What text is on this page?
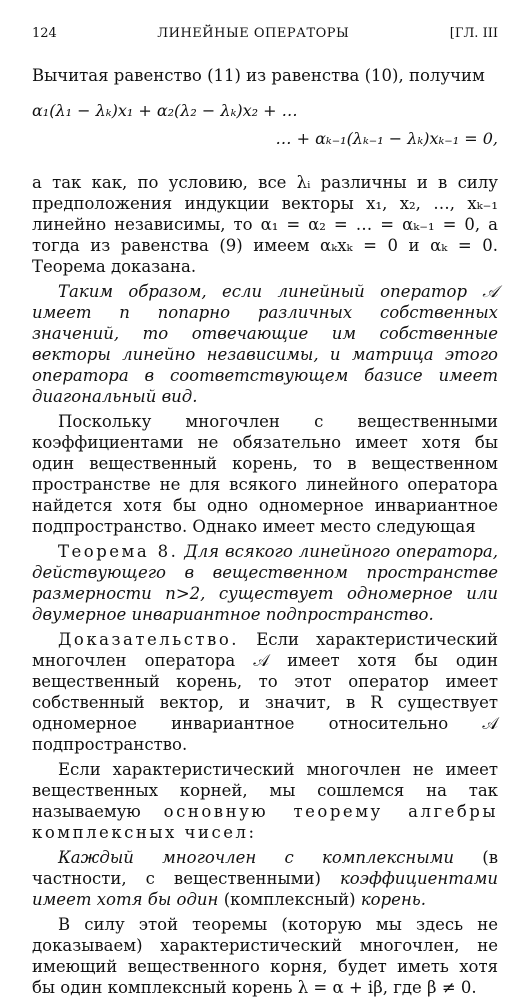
124	ЛИНЕЙНЫЕ ОПЕРАТОРЫ	[ГЛ. III

Вычитая равенство (11) из равенства (10), получим

α₁(λ₁ − λₖ)x₁ + α₂(λ₂ − λₖ)x₂ + …
… + αₖ₋₁(λₖ₋₁ − λₖ)xₖ₋₁ = 0,

а так как, по условию, все λᵢ различны и в силу предположения индукции векторы x₁, x₂, …, xₖ₋₁ линейно независимы, то α₁ = α₂ = … = αₖ₋₁ = 0, а тогда из равенства (9) имеем αₖxₖ = 0 и αₖ = 0. Теорема доказана.

Таким образом, если линейный оператор 𝒜 имеет n попарно различных собственных значений, то отвечающие им собственные векторы линейно независимы, и матрица этого оператора в соответствующем базисе имеет диагональный вид.

Поскольку многочлен с вещественными коэффициентами не обязательно имеет хотя бы один вещественный корень, то в вещественном пространстве не для всякого линейного оператора найдется хотя бы одно одномерное инвариантное подпространство. Однако имеет место следующая

Теорема 8. Для всякого линейного оператора, действующего в вещественном пространстве размерности n>2, существует одномерное или двумерное инвариантное подпространство.

Доказательство. Если характеристический многочлен оператора 𝒜 имеет хотя бы один вещественный корень, то этот оператор имеет собственный вектор, и значит, в R существует одномерное инвариантное относительно 𝒜 подпространство.

Если характеристический многочлен не имеет вещественных корней, мы сошлемся на так называемую основную теорему алгебры комплексных чисел:

Каждый многочлен с комплексными (в частности, с вещественными) коэффициентами имеет хотя бы один (комплексный) корень.

В силу этой теоремы (которую мы здесь не доказываем) характеристический многочлен, не имеющий вещественного корня, будет иметь хотя бы один комплексный корень λ = α + iβ, где β ≠ 0.
